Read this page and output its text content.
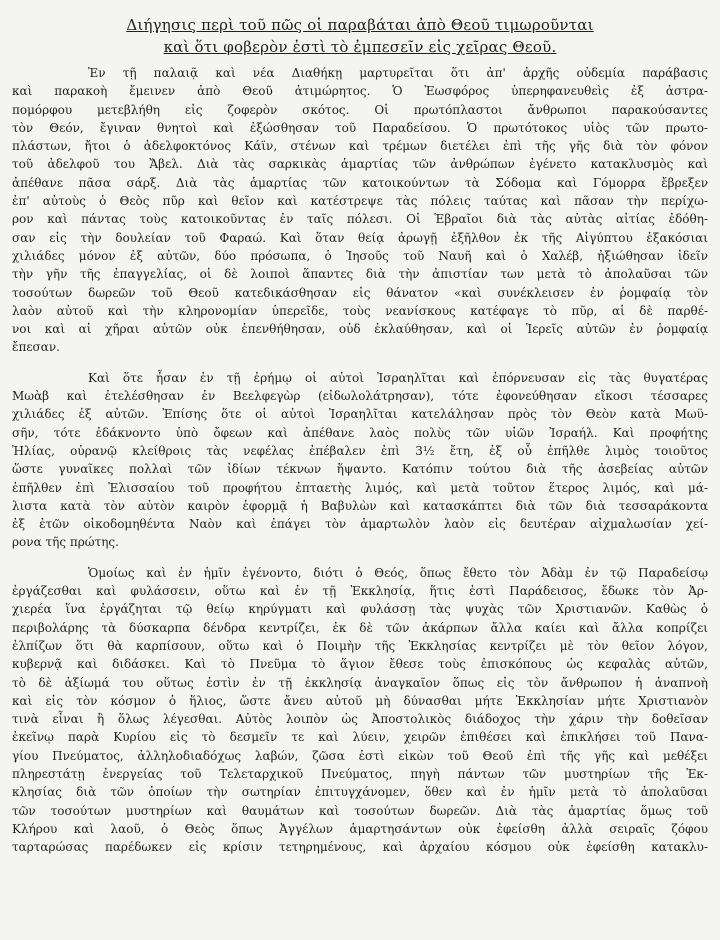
Διήγησις περὶ τοῦ πῶς οἱ παραβάται ἀπὸ Θεοῦ τιμωροῦνται
καὶ ὅτι φοβερὸν ἐστὶ τὸ ἐμπεσεῖν εἰς χεῖρας Θεοῦ.
Ἐν τῇ παλαιᾷ καὶ νέα Διαθήκῃ μαρτυρεῖται ὅτι ἀπ' ἀρχῆς οὐδεμία παράβασις
καὶ παρακοὴ ἔμεινεν ἀπὸ Θεοῦ ἀτιμώρητος. Ὁ Ἑωσφόρος ὑπερηφανευθεὶς ἐξ ἀστρα-
πομόρφου μετεβλήθη εἰς ζοφερὸν σκότος. Οἱ πρωτόπλαστοι ἄνθρωποι παρακούσαντες
τὸν Θεόν, ἔγιναν θνητοὶ καὶ ἐξώσθησαν τοῦ Παραδείσου. Ὁ πρωτότοκος υἱὸς τῶν πρωτο-
πλάστων, ἤτοι ὁ ἀδελφοκτόνος Κάϊν, στένων καὶ τρέμων διετέλει ἐπὶ τῆς γῆς διὰ τὸν φόνον
τοῦ ἀδελφοῦ του Ἄβελ. Διὰ τὰς σαρκικὰς ἁμαρτίας τῶν ἀνθρώπων ἐγένετο κατακλυσμὸς καὶ
ἀπέθανε πᾶσα σάρξ. Διὰ τὰς ἁμαρτίας τῶν κατοικούντων τὰ Σόδομα καὶ Γόμορρα ἔβρεξεν
ἐπ' αὐτοὺς ὁ Θεὸς πῦρ καὶ θεῖον καὶ κατέστρεψε τὰς πόλεις ταύτας καὶ πᾶσαν τὴν περίχω-
ρον καὶ πάντας τοὺς κατοικοῦντας ἐν ταῖς πόλεσι. Οἱ Ἑβραῖοι διὰ τὰς αὐτὰς αἰτίας ἐδόθη-
σαν εἰς τὴν δουλείαν τοῦ Φαραώ. Καὶ ὅταν θείᾳ ἀρωγῇ ἐξῆλθον ἐκ τῆς Αἰγύπτου ἑξακόσιαι
χιλιάδες μόνον ἐξ αὐτῶν, δύο πρόσωπα, ὁ Ἰησοῦς τοῦ Ναυῆ καὶ ὁ Χαλέβ, ἠξιώθησαν ἰδεῖν
τὴν γῆν τῆς ἐπαγγελίας, οἱ δὲ λοιποὶ ἅπαντες διὰ τὴν ἀπιστίαν των μετὰ τὸ ἀπολαῦσαι τῶν
τοσούτων δωρεῶν τοῦ Θεοῦ κατεδικάσθησαν εἰς θάνατον «καὶ συνέκλεισεν ἐν ῥομφαίᾳ τὸν
λαὸν αὐτοῦ καὶ τὴν κληρονομίαν ὑπερεῖδε, τοὺς νεανίσκους κατέφαγε τὸ πῦρ, αἱ δὲ παρθέ-
νοι καὶ αἱ χῆραι αὐτῶν οὐκ ἐπενθήθησαν, οὐδ ἐκλαύθησαν, καὶ οἱ Ἱερεῖς αὐτῶν ἐν ῥομφαίᾳ
ἔπεσαν.
Καὶ ὅτε ἦσαν ἐν τῇ ἐρήμῳ οἱ αὐτοὶ Ἰσραηλῖται καὶ ἐπόρνευσαν εἰς τὰς θυγατέρας
Μωὰβ καὶ ἐτελέσθησαν ἐν Βεελφεγὼρ (εἰδωλολάτρησαν), τότε ἐφονεύθησαν εἴκοσι τέσσαρες
χιλιάδες ἐξ αὐτῶν. Ἐπίσης ὅτε οἱ αὐτοὶ Ἰσραηλῖται κατελάλησαν πρὸς τὸν Θεὸν κατὰ Μωϋ-
σῆν, τότε ἐδάκνοντο ὑπὸ ὄφεων καὶ ἀπέθανε λαὸς πολὺς τῶν υἱῶν Ἰσραήλ. Καὶ προφήτης
Ἠλίας, οὐρανῷ κλείθροις τὰς νεφέλας ἐπέβαλεν ἐπὶ 3½ ἔτη, ἐξ οὗ ἐπῆλθε λιμὸς τοιοῦτος
ὥστε γυναῖκες πολλαὶ τῶν ἰδίων τέκνων ἥψαντο. Κατόπιν τούτου διὰ τῆς ἀσεβείας αὐτῶν
ἐπῆλθεν ἐπὶ Ἐλισσαίου τοῦ προφήτου ἐπταετὴς λιμός, καὶ μετὰ τοῦτον ἕτερος λιμός, καὶ μά-
λιστα κατὰ τὸν αὐτὸν καιρὸν ἐφορμᾷ ἡ Βαβυλὼν καὶ κατασκάπτει διὰ τῶν διὰ τεσσαράκοντα
ἐξ ἐτῶν οἰκοδομηθέντα Ναὸν καὶ ἐπάγει τὸν ἁμαρτωλὸν λαὸν εἰς δευτέραν αἰχμαλωσίαν χεί-
ρονα τῆς πρώτης.
Ὁμοίως καὶ ἐν ἡμῖν ἐγένοντο, διότι ὁ Θεός, ὅπως ἔθετο τὸν Ἀδὰμ ἐν τῷ Παραδείσῳ
ἐργάζεσθαι καὶ φυλάσσειν, οὕτω καὶ ἐν τῇ Ἐκκλησίᾳ, ἥτις ἐστὶ Παράδεισος, ἔδωκε τὸν Ἀρ-
χιερέα ἵνα ἐργάζηται τῷ θείῳ κηρύγματι καὶ φυλάσσῃ τὰς ψυχὰς τῶν Χριστιανῶν. Καθὼς ὁ
περιβολάρης τὰ δύσκαρπα δένδρα κεντρίζει, ἐκ δὲ τῶν ἀκάρπων ἄλλα καίει καὶ ἄλλα κοπρίζει
ἐλπίζων ὅτι θὰ καρπίσουν, οὕτω καὶ ὁ Ποιμὴν τῆς Ἐκκλησίας κεντρίζει μὲ τὸν θεῖον λόγον,
κυβερνᾷ καὶ διδάσκει. Καὶ τὸ Πνεῦμα τὸ ἅγιον ἔθεσε τοὺς ἐπισκόπους ὡς κεφαλὰς αὐτῶν,
τὸ δὲ ἀξίωμά του οὕτως ἐστὶν ἐν τῇ ἐκκλησίᾳ ἀναγκαῖον ὅπως εἰς τὸν ἄνθρωπον ἡ ἀναπνοὴ
καὶ εἰς τὸν κόσμον ὁ ἥλιος, ὥστε ἄνευ αὐτοῦ μὴ δύνασθαι μήτε Ἐκκλησίαν μήτε Χριστιανὸν
τινὰ εἶναι ἢ ὅλως λέγεσθαι. Αὐτὸς λοιπὸν ὡς Ἀποστολικὸς διάδοχος τὴν χάριν τὴν δοθεῖσαν
ἐκεῖνῳ παρὰ Κυρίου εἰς τὸ δεσμεῖν τε καὶ λύειν, χειρῶν ἐπιθέσει καὶ ἐπικλήσει τοῦ Πανα-
γίου Πνεύματος, ἀλληλοδιαδόχως λαβών, ζῶσα ἐστὶ εἰκὼν τοῦ Θεοῦ ἐπὶ τῆς γῆς καὶ μεθέξει
πληρεστάτῃ ἐνεργείας τοῦ Τελεταρχικοῦ Πνεύματος, πηγὴ πάντων τῶν μυστηρίων τῆς Ἐκ-
κλησίας διὰ τῶν ὁποίων τὴν σωτηρίαν ἐπιτυγχάνομεν, ὅθεν καὶ ἐν ἡμῖν μετὰ τὸ ἀπολαῦσαι
τῶν τοσούτων μυστηρίων καὶ θαυμάτων καὶ τοσούτων δωρεῶν. Διὰ τὰς ἁμαρτίας ὅμως τοῦ
Κλήρου καὶ λαοῦ, ὁ Θεὸς ὅπως Ἀγγέλων ἁμαρτησάντων οὐκ ἐφείσθη ἀλλὰ σειραῖς ζόφου
ταρταρώσας παρέδωκεν εἰς κρίσιν τετηρημένους, καὶ ἀρχαίου κόσμου οὐκ ἐφείσθη κατακλυ-
